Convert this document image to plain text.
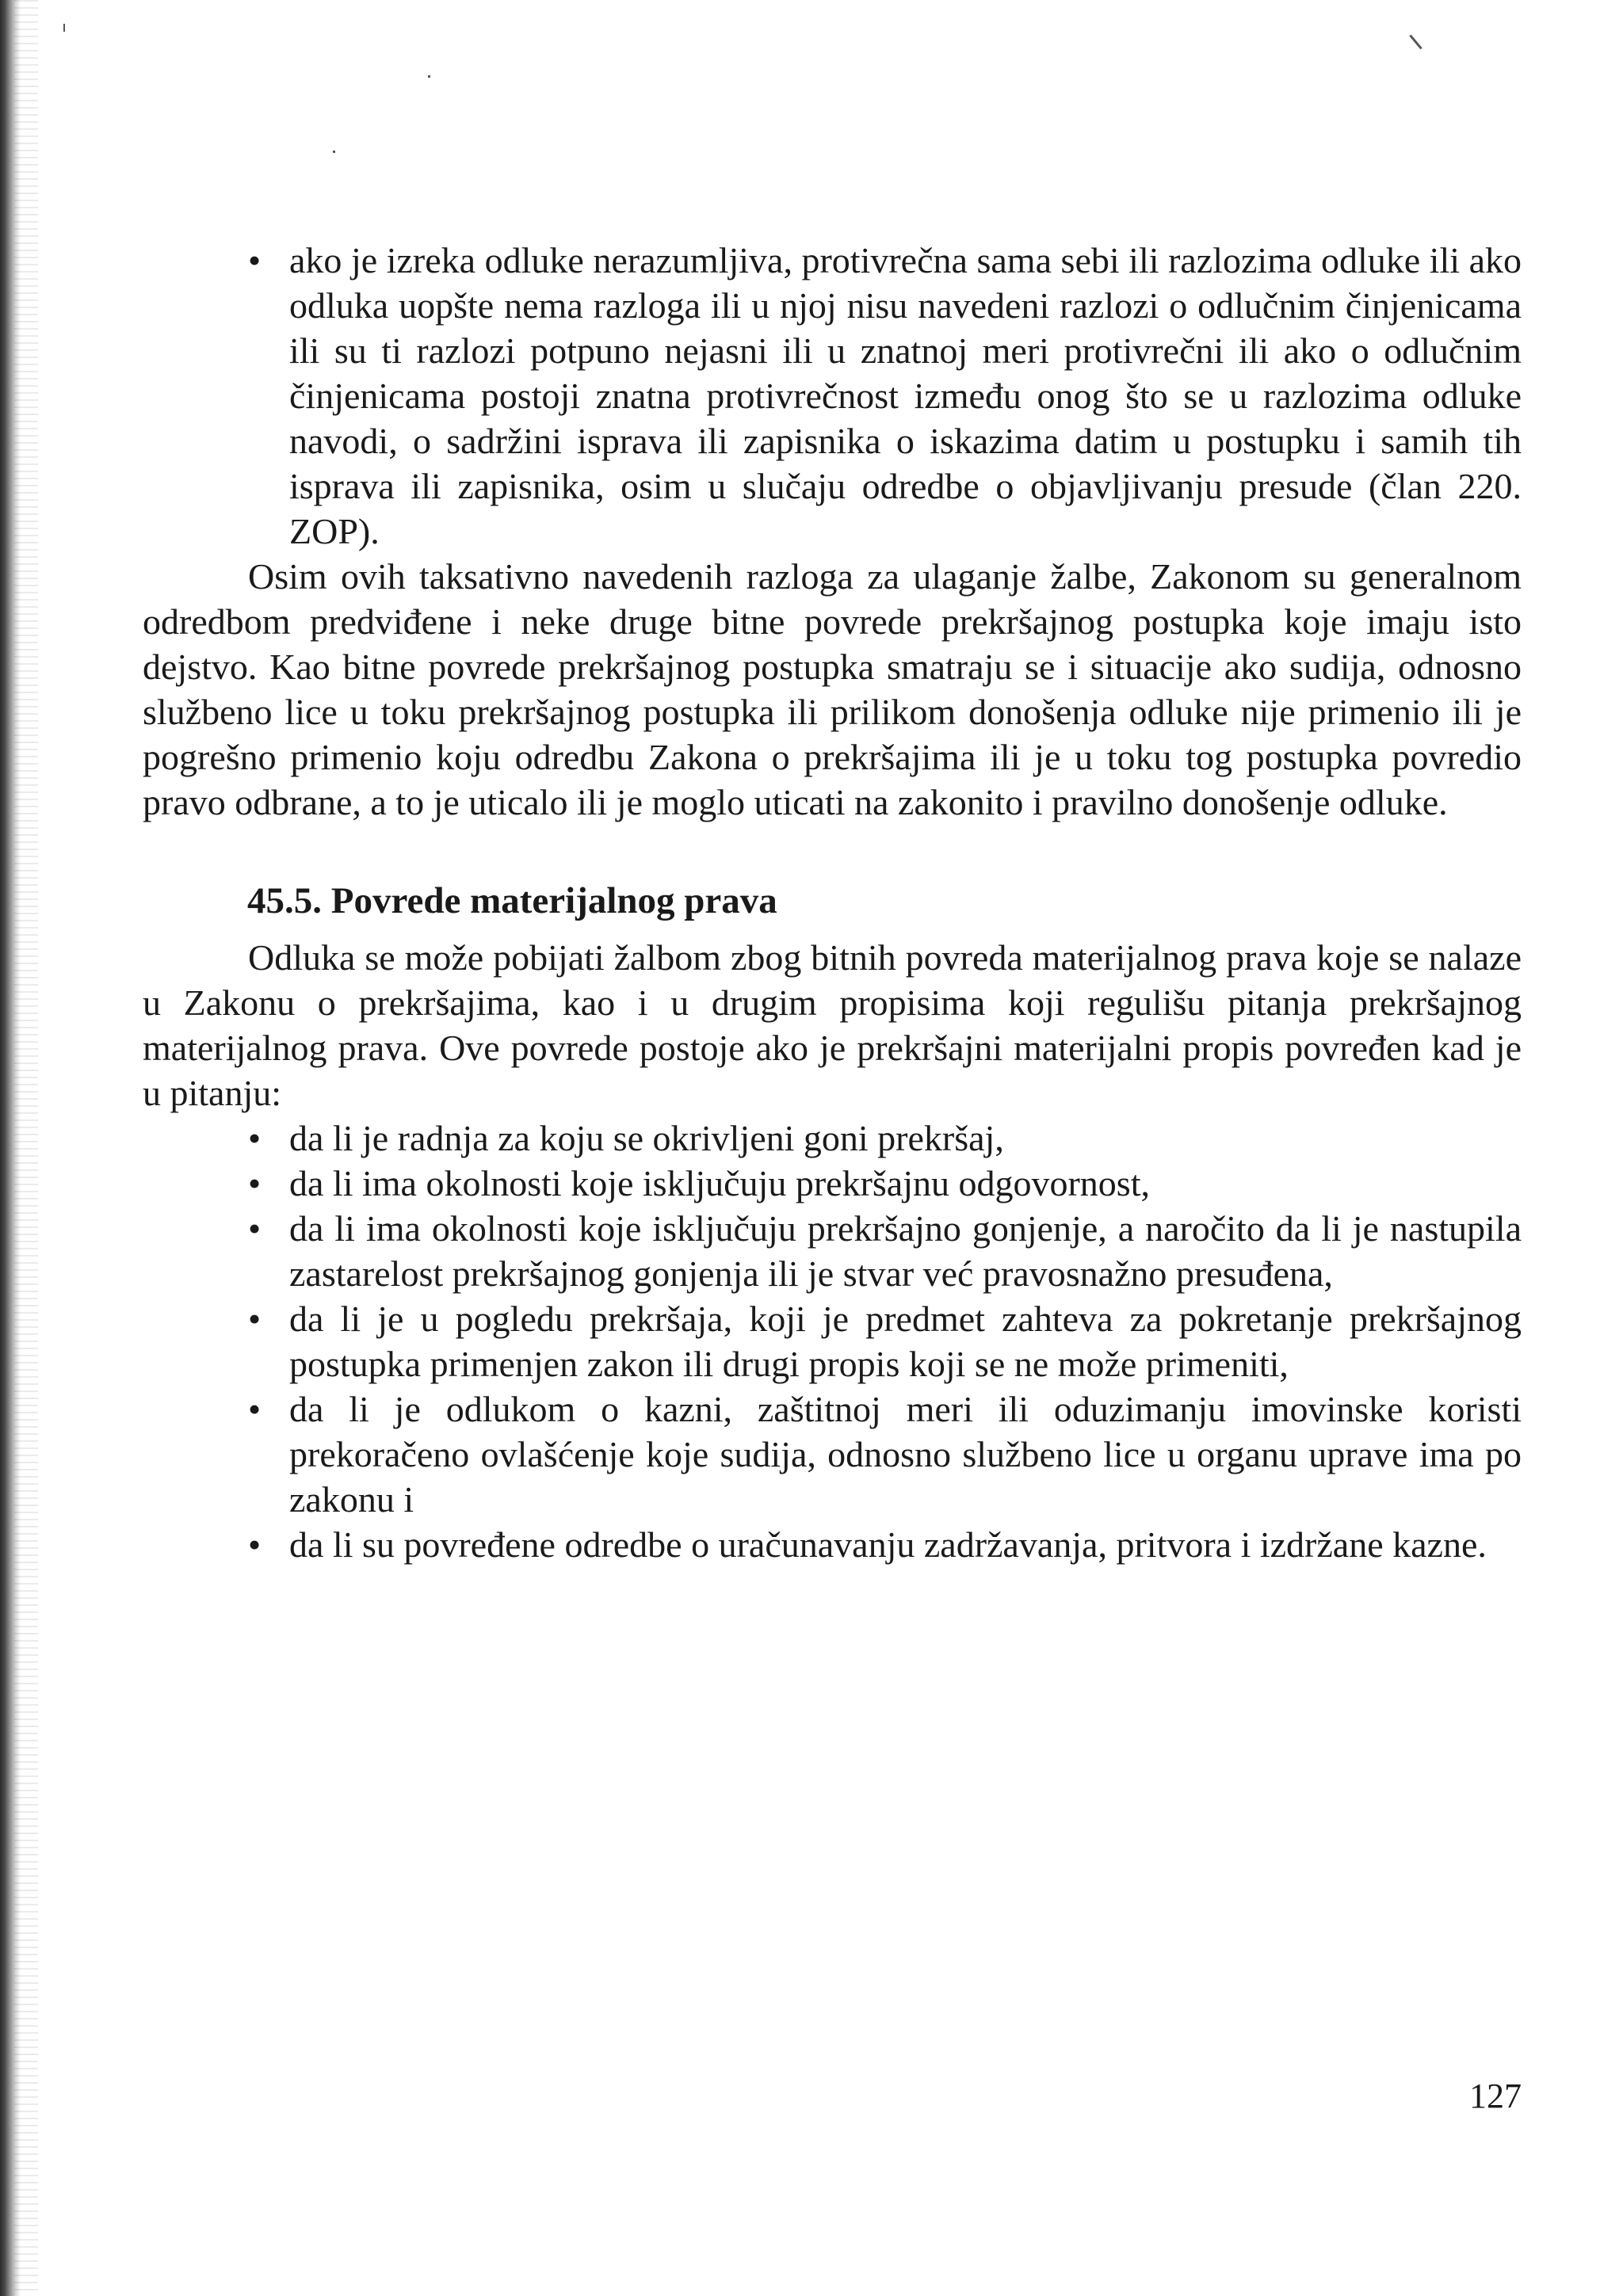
• ako je izreka odluke nerazumljiva, protivrečna sama sebi ili razlozima odluke ili ako odluka uopšte nema razloga ili u njoj nisu navedeni razlozi o odlučnim činjenicama ili su ti razlozi potpuno nejasni ili u znatnoj meri protivrečni ili ako o odlučnim činjenicama postoji znatna protivrečnost između onog što se u razlozima odluke navodi, o sadržini isprava ili zapisnika o iskazima datim u postupku i samih tih isprava ili zapisnika, osim u slučaju odredbe o objavljivanju presude (član 220. ZOP).

Osim ovih taksativno navedenih razloga za ulaganje žalbe, Zakonom su generalnom odredbom predviđene i neke druge bitne povrede prekršajnog postupka koje imaju isto dejstvo. Kao bitne povrede prekršajnog postupka smatraju se i situacije ako sudija, odnosno službeno lice u toku prekršajnog postupka ili prilikom donošenja odluke nije primenio ili je pogrešno primenio koju odredbu Zakona o prekršajima ili je u toku tog postupka povredio pravo odbrane, a to je uticalo ili je moglo uticati na zakonito i pravilno donošenje odluke.

45.5. Povrede materijalnog prava

Odluka se može pobijati žalbom zbog bitnih povreda materijalnog prava koje se nalaze u Zakonu o prekršajima, kao i u drugim propisima koji regulišu pitanja prekršajnog materijalnog prava. Ove povrede postoje ako je prekršajni materijalni propis povređen kad je u pitanju:

• da li je radnja za koju se okrivljeni goni prekršaj,

• da li ima okolnosti koje isključuju prekršajnu odgovornost,

• da li ima okolnosti koje isključuju prekršajno gonjenje, a naročito da li je nastupila zastarelost prekršajnog gonjenja ili je stvar već pravosnažno presuđena,

• da li je u pogledu prekršaja, koji je predmet zahteva za pokretanje prekršajnog postupka primenjen zakon ili drugi propis koji se ne može primeniti,

• da li je odlukom o kazni, zaštitnoj meri ili oduzimanju imovinske koristi prekoračeno ovlašćenje koje sudija, odnosno službeno lice u organu uprave ima po zakonu i

• da li su povređene odredbe o uračunavanju zadržavanja, pritvora i izdržane kazne.

127
